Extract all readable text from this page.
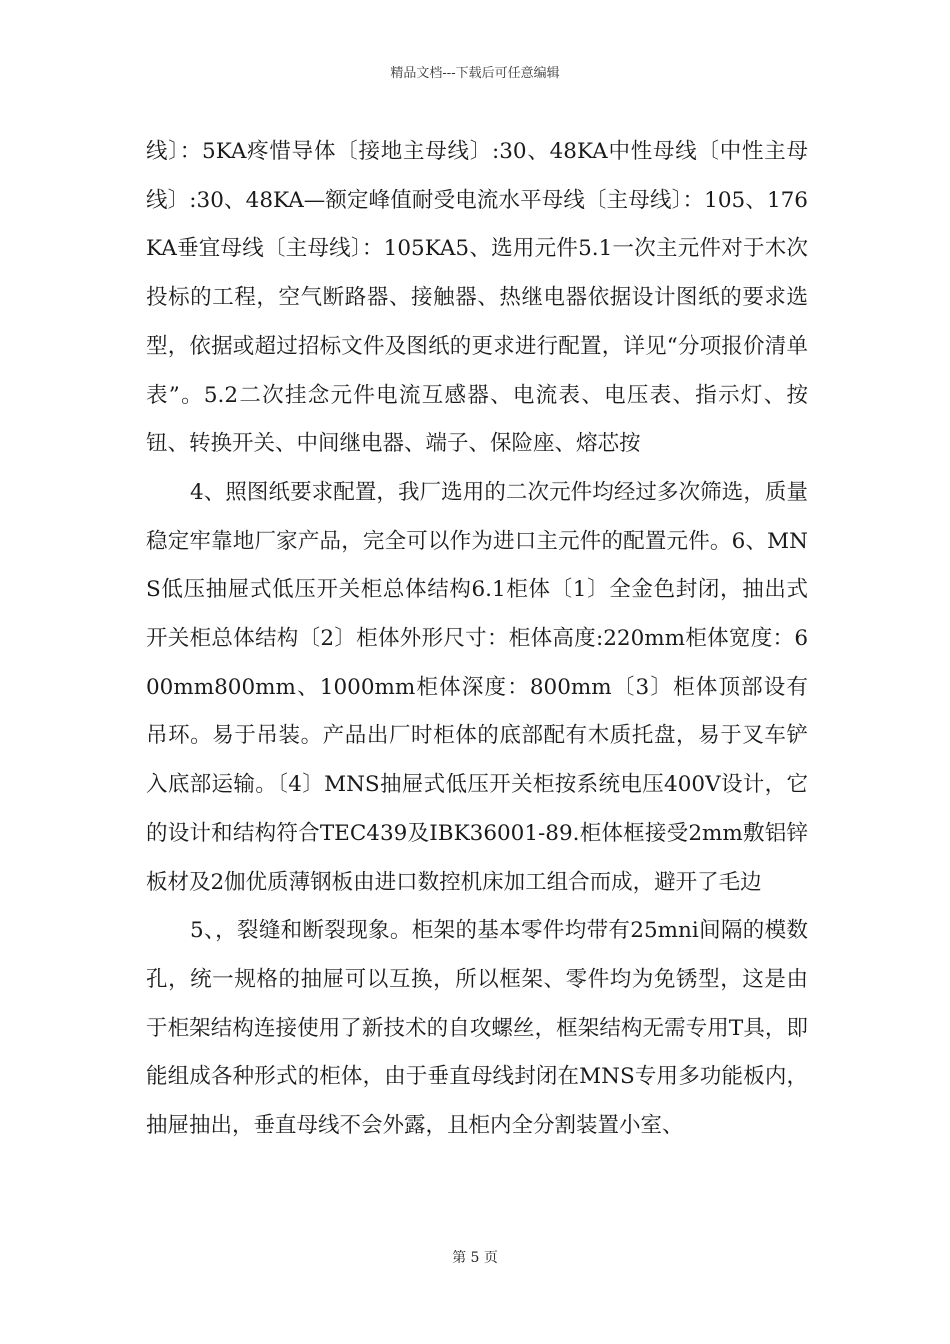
精品文档---下载后可任意编辑

线〕：5KA疼惜导体〔接地主母线〕:30、48KA中性母线〔中性主母线〕:30、48KA—额定峰值耐受电流水平母线〔主母线〕：105、176KA垂宜母线〔主母线〕：105KA5、选用元件5.1一次主元件对于木次投标的工程，空气断路器、接触器、热继电器依据设计图纸的要求选型，依据或超过招标文件及图纸的更求进行配置，详见“分项报价清单表”。5.2二次挂念元件电流互感器、电流表、电压表、指示灯、按钮、转换开关、中间继电器、端子、保险座、熔芯按

4、照图纸要求配置，我厂选用的二次元件均经过多次筛选，质量稳定牢靠地厂家产品，完全可以作为进口主元件的配置元件。6、MNS低压抽屉式低压开关柜总体结构6.1柜体〔1〕全金色封闭，抽出式开关柜总体结构〔2〕柜体外形尺寸：柜体高度:220mm柜体宽度：600mm800mm、1000mm柜体深度：800mm〔3〕柜体顶部设有吊环。易于吊装。产品出厂时柜体的底部配有木质托盘，易于叉车铲入底部运输。〔4〕MNS抽屉式低压开关柜按系统电压400V设计，它的设计和结构符合TEC439及IBK36001-89.柜体框接受2mm敷铝锌板材及2伽优质薄钢板由进口数控机床加工组合而成，避开了毛边

5、，裂缝和断裂现象。柜架的基本零件均带有25mni间隔的模数孔，统一规格的抽屉可以互换，所以框架、零件均为免锈型，这是由于柜架结构连接使用了新技术的自攻螺丝，框架结构无需专用T具，即能组成各种形式的柜体，由于垂直母线封闭在MNS专用多功能板内，抽屉抽出，垂直母线不会外露，且柜内全分割装置小室、

第 5 页
